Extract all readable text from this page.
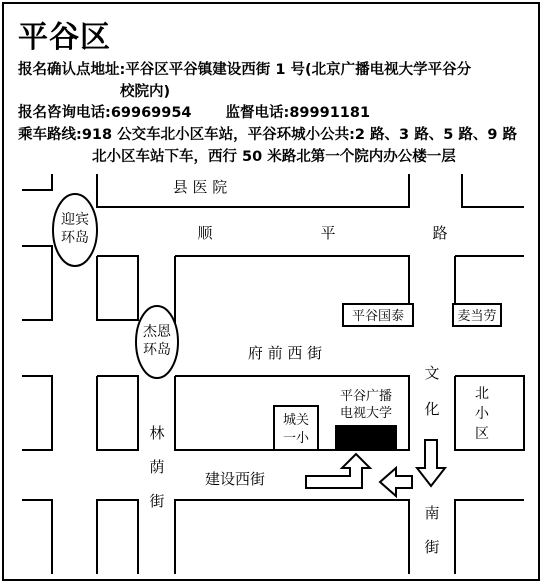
平谷区
报名确认点地址:平谷区平谷镇建设西街 1 号(北京广播电视大学平谷分
校院内)
报名咨询电话:69969954 监督电话:89991181
乘车路线:918 公交车北小区车站，平谷环城小公共:2 路、3 路、5 路、9 路
北小区车站下车，西行 50 米路北第一个院内办公楼一层
迎宾
环岛
杰恩
环岛
县 医 院
顺	平	路
府 前 西 街
建设西街
文
化
南
街
林
荫
街
平谷国泰	麦当劳
城关
一小
平谷广播
电视大学
北
小
区
